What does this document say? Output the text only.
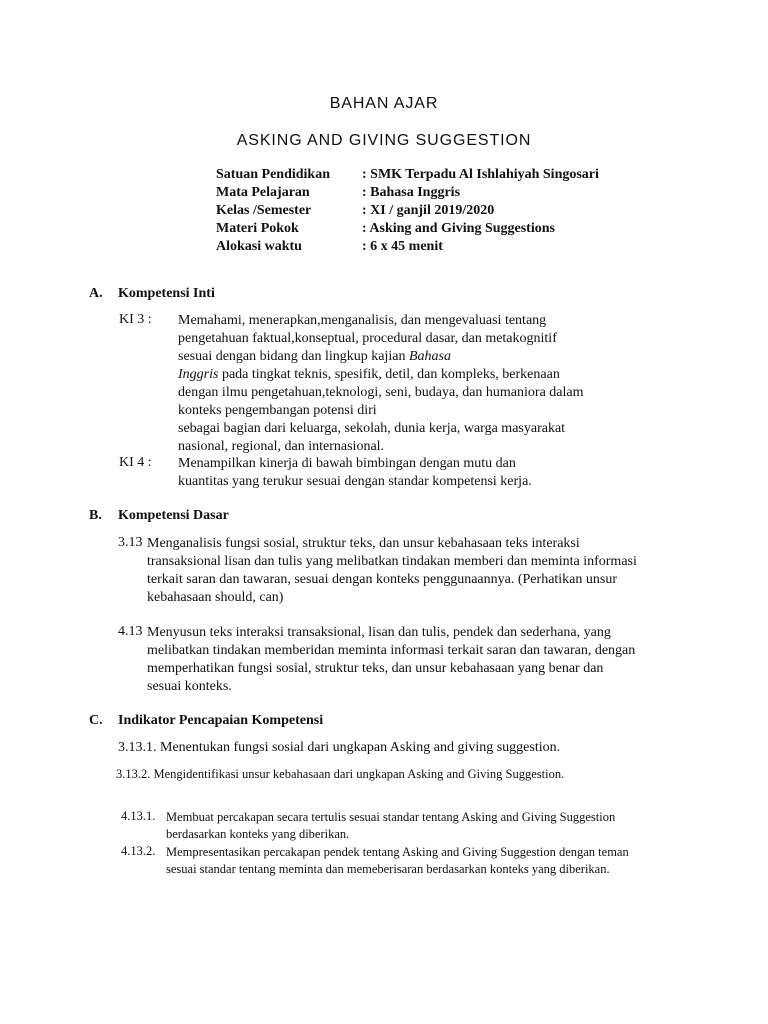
BAHAN AJAR
ASKING AND GIVING SUGGESTION
Satuan Pendidikan
Mata Pelajaran
Kelas /Semester
Materi Pokok
Alokasi waktu
: SMK Terpadu Al Ishlahiyah Singosari
: Bahasa Inggris
: XI / ganjil 2019/2020
: Asking and Giving Suggestions
: 6 x 45 menit
A. Kompetensi Inti
KI 3 : Memahami, menerapkan,menganalisis, dan mengevaluasi tentang
pengetahuan faktual,konseptual, procedural dasar, dan metakognitif
sesuai dengan bidang dan lingkup kajian Bahasa
Inggris pada tingkat teknis, spesifik, detil, dan kompleks, berkenaan
dengan ilmu pengetahuan,teknologi, seni, budaya, dan humaniora dalam
konteks pengembangan potensi diri
sebagai bagian dari keluarga, sekolah, dunia kerja, warga masyarakat
nasional, regional, dan internasional.
KI 4 : Menampilkan kinerja di bawah bimbingan dengan mutu dan
kuantitas yang terukur sesuai dengan standar kompetensi kerja.
B. Kompetensi Dasar
3.13 Menganalisis fungsi sosial, struktur teks, dan unsur kebahasaan teks interaksi
transaksional lisan dan tulis yang melibatkan tindakan memberi dan meminta informasi
terkait saran dan tawaran, sesuai dengan konteks penggunaannya. (Perhatikan unsur
kebahasaan should, can)
4.13 Menyusun teks interaksi transaksional, lisan dan tulis, pendek dan sederhana, yang
melibatkan tindakan memberidan meminta informasi terkait saran dan tawaran, dengan
memperhatikan fungsi sosial, struktur teks, dan unsur kebahasaan yang benar dan
sesuai konteks.
C. Indikator Pencapaian Kompetensi
3.13.1. Menentukan fungsi sosial dari ungkapan Asking and giving suggestion.
3.13.2. Mengidentifikasi unsur kebahasaan dari ungkapan Asking and Giving Suggestion.
4.13.1. Membuat percakapan secara tertulis sesuai standar tentang Asking and Giving Suggestion
berdasarkan konteks yang diberikan.
4.13.2. Mempresentasikan percakapan pendek tentang Asking and Giving Suggestion dengan teman
sesuai standar tentang meminta dan memeberisaran berdasarkan konteks yang diberikan.
